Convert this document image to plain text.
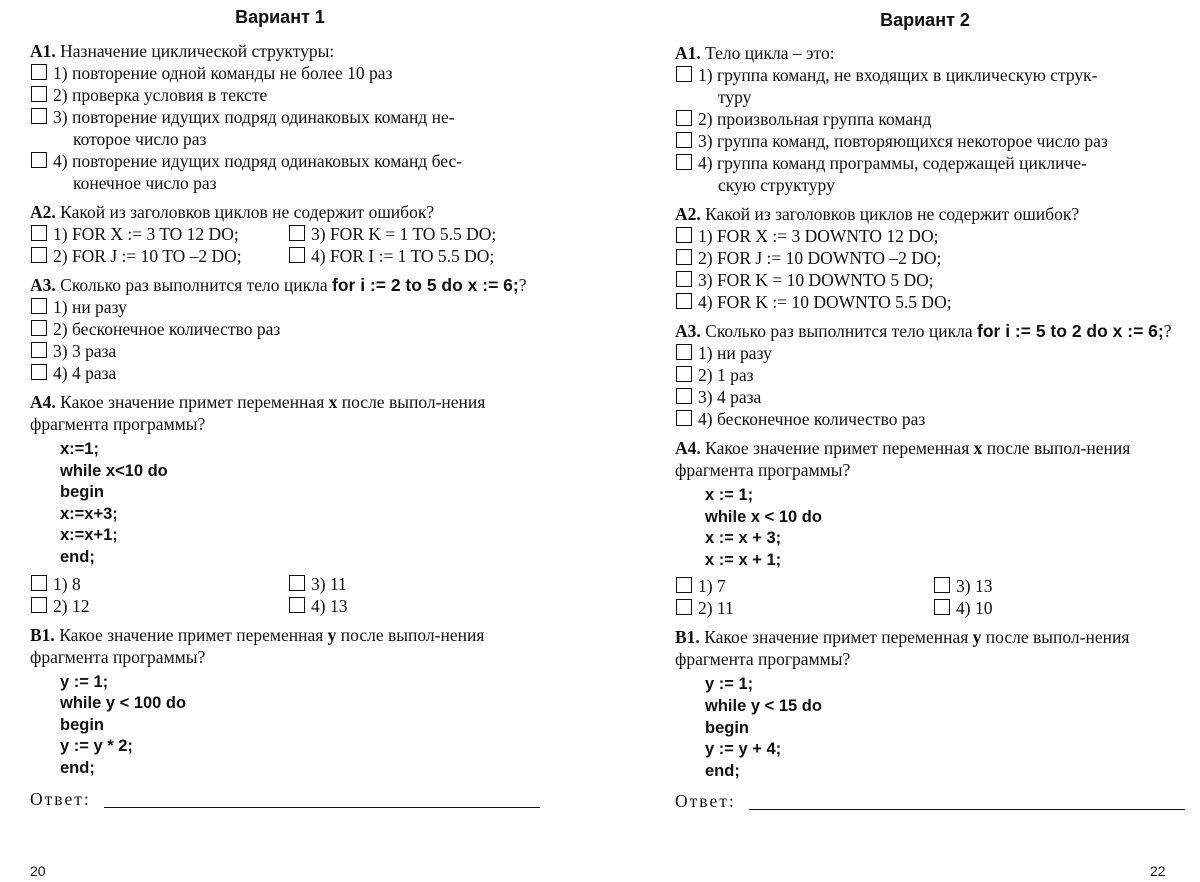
Вариант 1

А1. Назначение циклической структуры:

1) повторение одной команды не более 10 раз
2) проверка условия в тексте
3) повторение идущих подряд одинаковых команд не-
которое число раз
4) повторение идущих подряд одинаковых команд бес-
конечное число раз

А2. Какой из заголовков циклов не содержит ошибок?

1) FOR X := 3 TO 12 DO;	3) FOR K = 1 TO 5.5 DO;
2) FOR J := 10 TO –2 DO;	4) FOR I := 1 TO 5.5 DO;

А3. Сколько раз выполнится тело цикла for i := 2 to 5 do x := 6;?

1) ни разу
2) бесконечное количество раз
3) 3 раза
4) 4 раза

А4. Какое значение примет переменная x после выпол-нения фрагмента программы?

x:=1;
while x<10 do
begin
x:=x+3;
x:=x+1;
end;
1) 8	3) 11
2) 12	4) 13

В1. Какое значение примет переменная y после выпол-нения фрагмента программы?

y := 1;
while y < 100 do
begin
y := y * 2;
end;
Ответ:
20
Вариант 2

А1. Тело цикла – это:

1) группа команд, не входящих в циклическую струк-
туру
2) произвольная группа команд
3) группа команд, повторяющихся некоторое число раз
4) группа команд программы, содержащей цикличе-
скую структуру

А2. Какой из заголовков циклов не содержит ошибок?

1) FOR X := 3 DOWNTO 12 DO;
2) FOR J := 10 DOWNTO –2 DO;
3) FOR K = 10 DOWNTO 5 DO;
4) FOR K := 10 DOWNTO 5.5 DO;

А3. Сколько раз выполнится тело цикла for i := 5 to 2 do x := 6;?

1) ни разу
2) 1 раз
3) 4 раза
4) бесконечное количество раз

А4. Какое значение примет переменная x после выпол-нения фрагмента программы?

x := 1;
while x < 10 do
x := x + 3;
x := x + 1;
1) 7	3) 13
2) 11	4) 10

В1. Какое значение примет переменная y после выпол-нения фрагмента программы?

y := 1;
while y < 15 do
begin
y := y + 4;
end;
Ответ:
22
